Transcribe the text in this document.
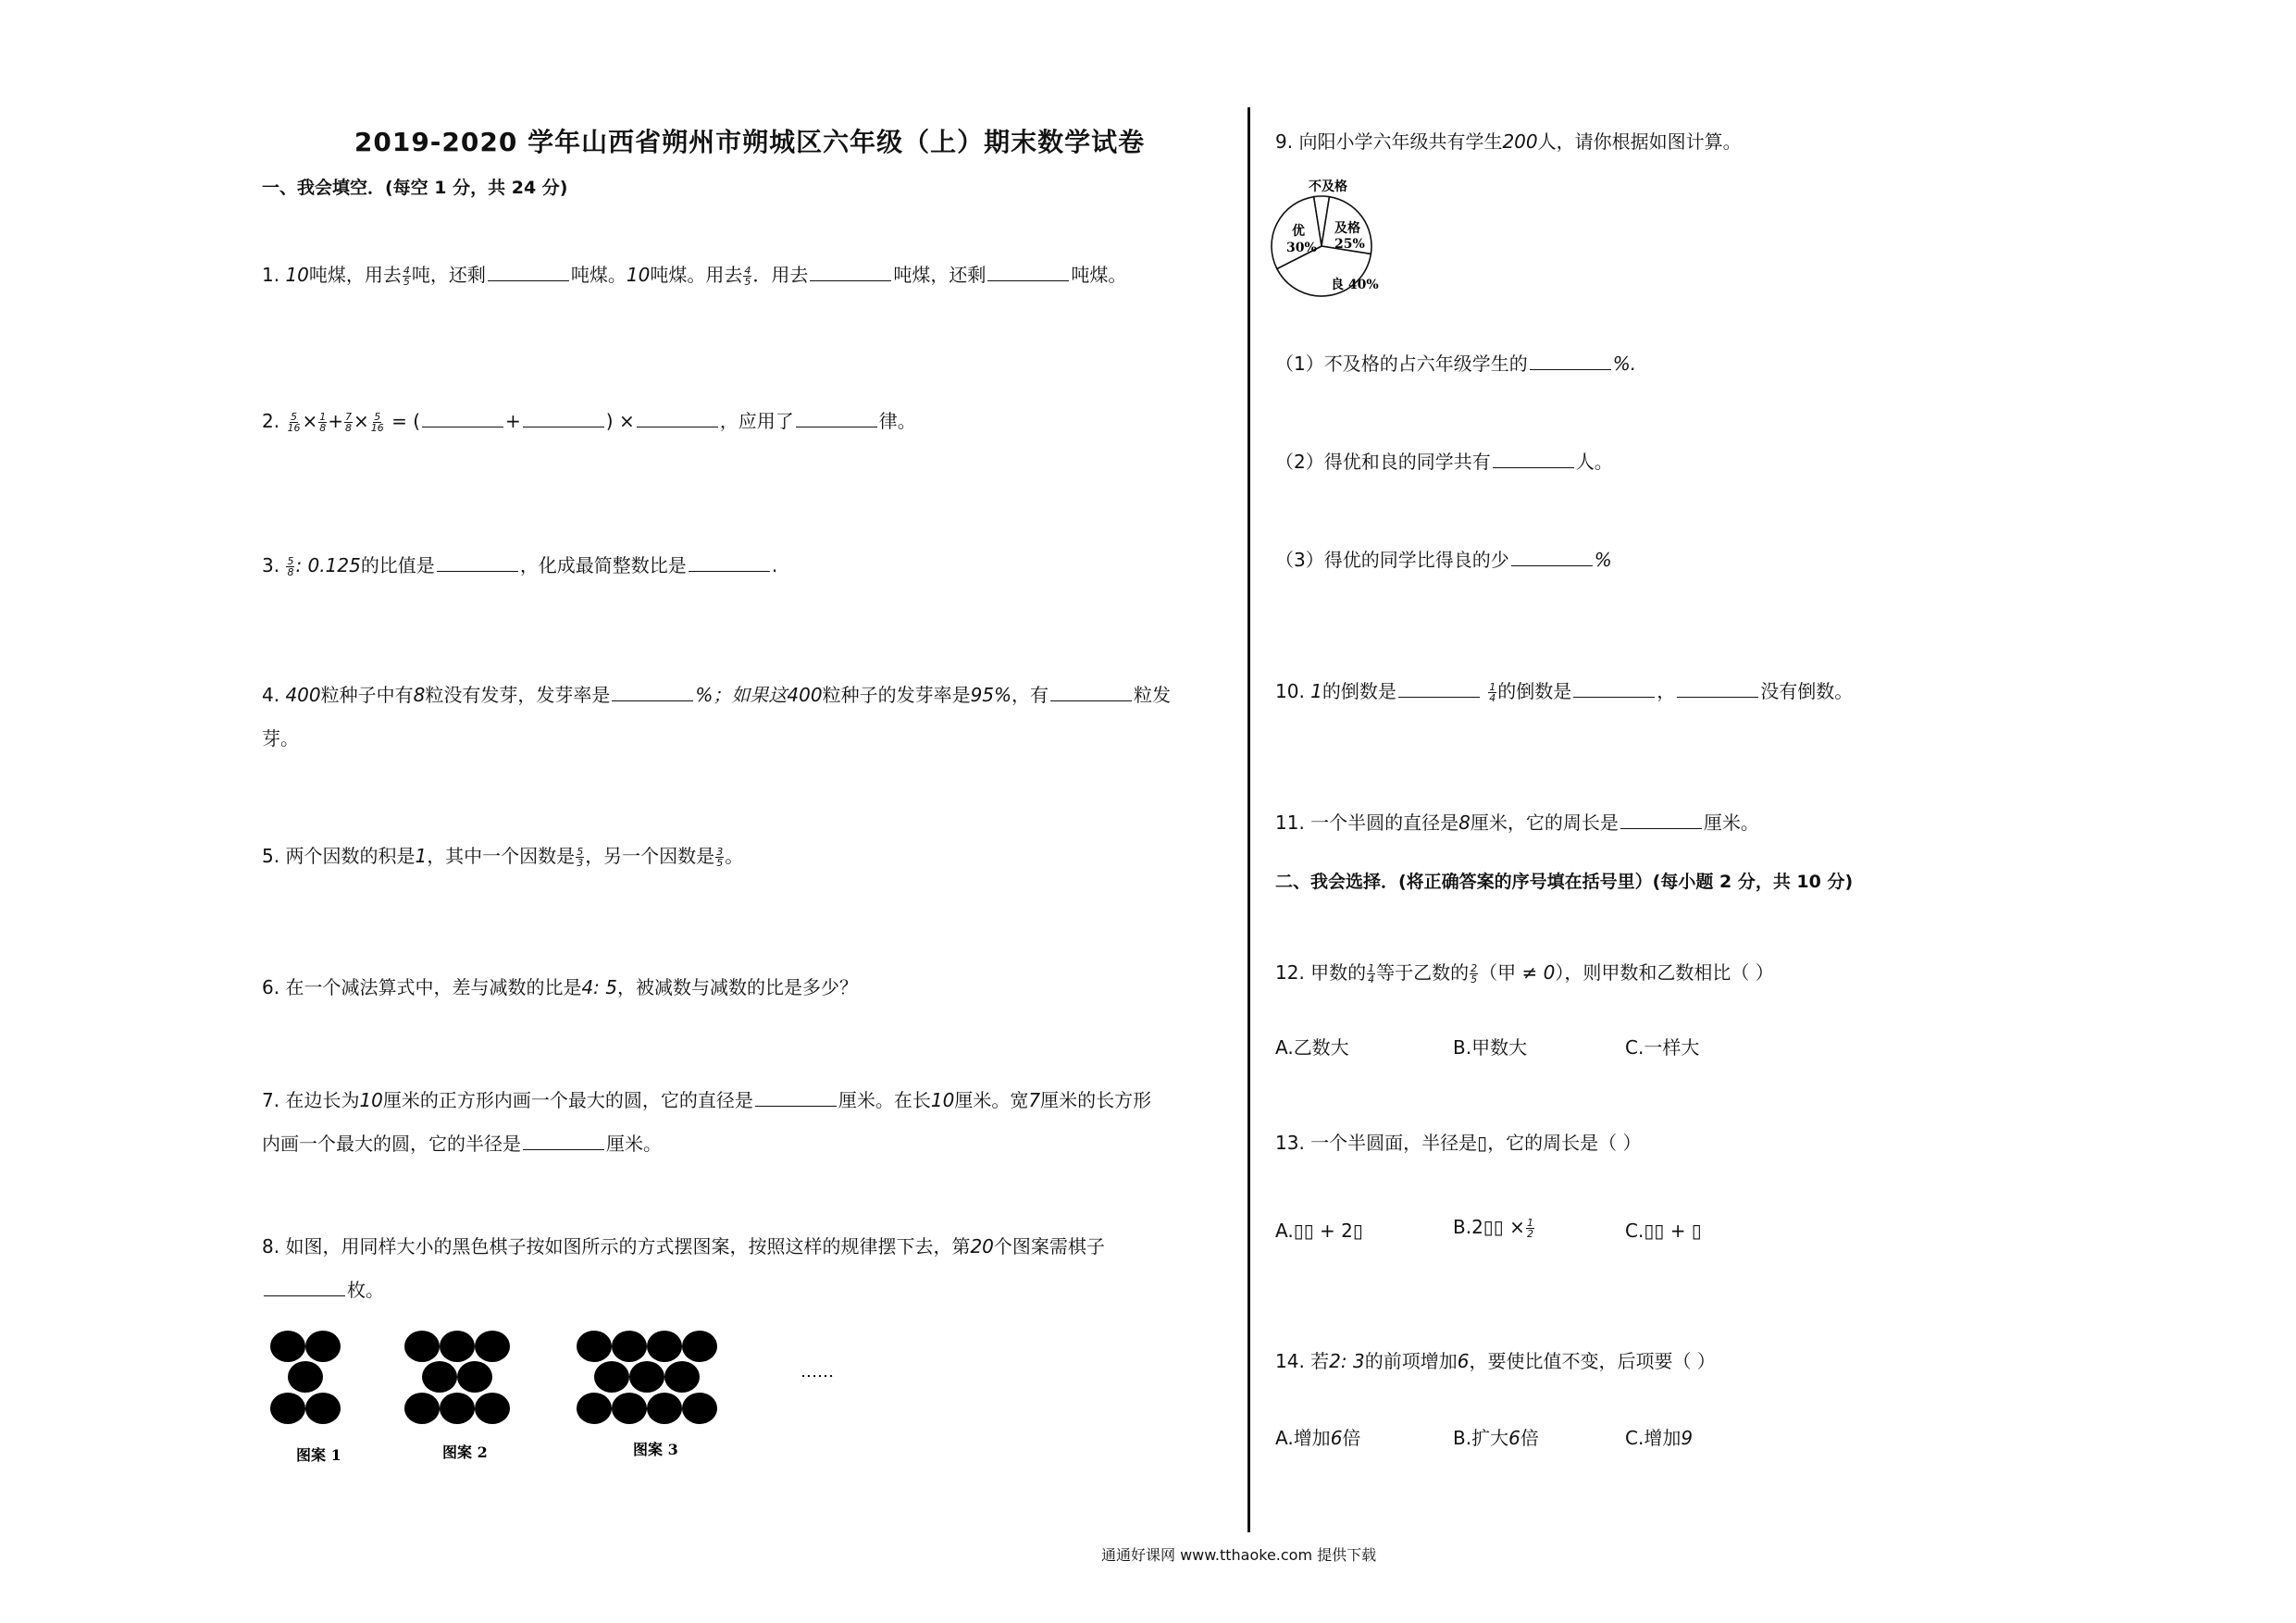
2019-2020 学年山西省朔州市朔城区六年级（上）期末数学试卷
一、我会填空．(每空 1 分，共 24 分)
1. 10吨煤，用去 $\frac{4}{5}$ 吨，还剩	吨煤。10吨煤。用去 $\frac{4}{5}$ ．用去	吨煤，还剩	吨煤。
2. $\frac{5}{16} \times \frac{1}{8} + \frac{7}{8} \times \frac{5}{16}$ = (	+	) ×	，应用了	律。
3. $\frac{5}{8}$ : 0.125的比值是	，化成最简整数比是	.
4. 400粒种子中有8粒没有发芽，发芽率是	%；如果这400粒种子的发芽率是95%，有	粒发
芽。
5. 两个因数的积是1，其中一个因数是 $\frac{5}{3}$ ，另一个因数是 $\frac{3}{5}$ 。
6. 在一个减法算式中，差与减数的比是4: 5，被减数与减数的比是多少？
7. 在边长为10厘米的正方形内画一个最大的圆，它的直径是	厘米。在长10厘米。宽7厘米的长方形
内画一个最大的圆，它的半径是	厘米。
8. 如图，用同样大小的黑色棋子按如图所示的方式摆图案，按照这样的规律摆下去，第20个图案需棋子
枚。
……
图案 1	图案 2	图案 3
9. 向阳小学六年级共有学生200人，请你根据如图计算。
不及格
及格
25%
良 40%
优
30%
（1）不及格的占六年级学生的	%.
（2）得优和良的同学共有	人。
（3）得优的同学比得良的少	%
10. 1的倒数是	$\frac{1}{4}$ 的倒数是	，	没有倒数。
11. 一个半圆的直径是8厘米，它的周长是	厘米。
二、我会选择．(将正确答案的序号填在括号里）(每小题 2 分，共 10 分)
12. 甲数的 $\frac{1}{4}$ 等于乙数的 $\frac{2}{5}$ （甲 ≠ 0），则甲数和乙数相比（ ）
A.乙数大	B.甲数大	C.一样大
13. 一个半圆面，半径是▯，它的周长是（ ）
A.▯▯ + 2▯	B.2▯▯ × $\frac{1}{2}$	C.▯▯ + ▯
14. 若2: 3的前项增加6，要使比值不变，后项要（ ）
A.增加6倍	B.扩大6倍	C.增加9
通通好课网 www.tthaoke.com 提供下载
